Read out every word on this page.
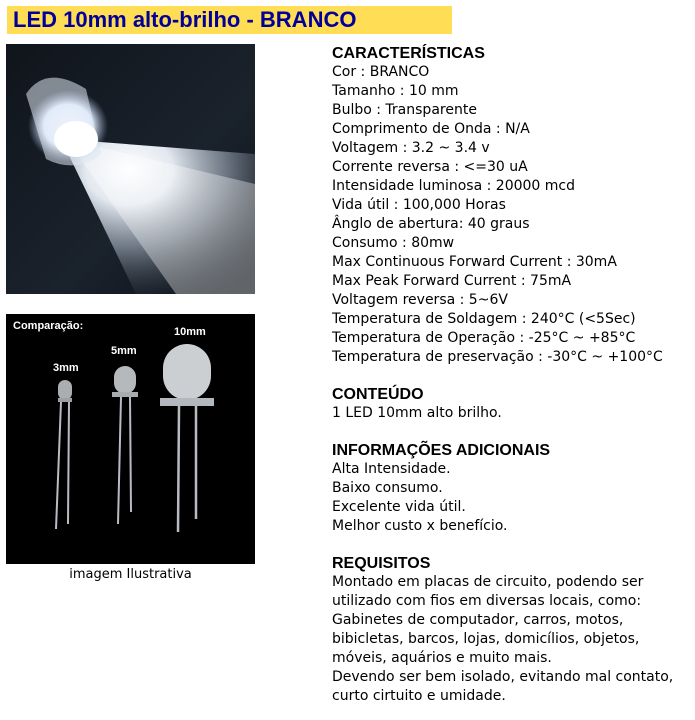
LED 10mm alto-brilho - BRANCO
Comparação:
3mm
5mm
10mm
imagem Ilustrativa
CARACTERÍSTICAS
Cor : BRANCO
Tamanho : 10 mm
Bulbo : Transparente
Comprimento de Onda : N/A
Voltagem : 3.2 ~ 3.4 v
Corrente reversa : <=30 uA
Intensidade luminosa : 20000 mcd
Vida útil : 100,000 Horas
Ângl​o de abertura: 40 graus
Consumo : 80mw
Max Continuous Forward Current : 30mA
Max Peak Forward Current : 75mA
Voltagem reversa : 5~6V
Temperatura de Soldagem : 240°C (<5Sec)
Temperatura de Operação : -25°C ~ +85°C
Temperatura de preservação : -30°C ~ +100°C
CONTEÚDO
1 LED 10mm alto brilho.
INFORMAÇÕES ADICIONAIS
Alta Intensidade.
Baixo consumo.
Excelente vida útil.
Melhor custo x benefício.
REQUISITOS
Montado em placas de circuito, podendo ser
utilizado com fios em diversas locais, como:
Gabinetes de computador, carros, motos,
bibicletas, barcos, lojas, domicílios, objetos,
móveis, aquários e muito mais.
Devendo ser bem isolado, evitando mal contato,
curto cirtuito e umidade.
